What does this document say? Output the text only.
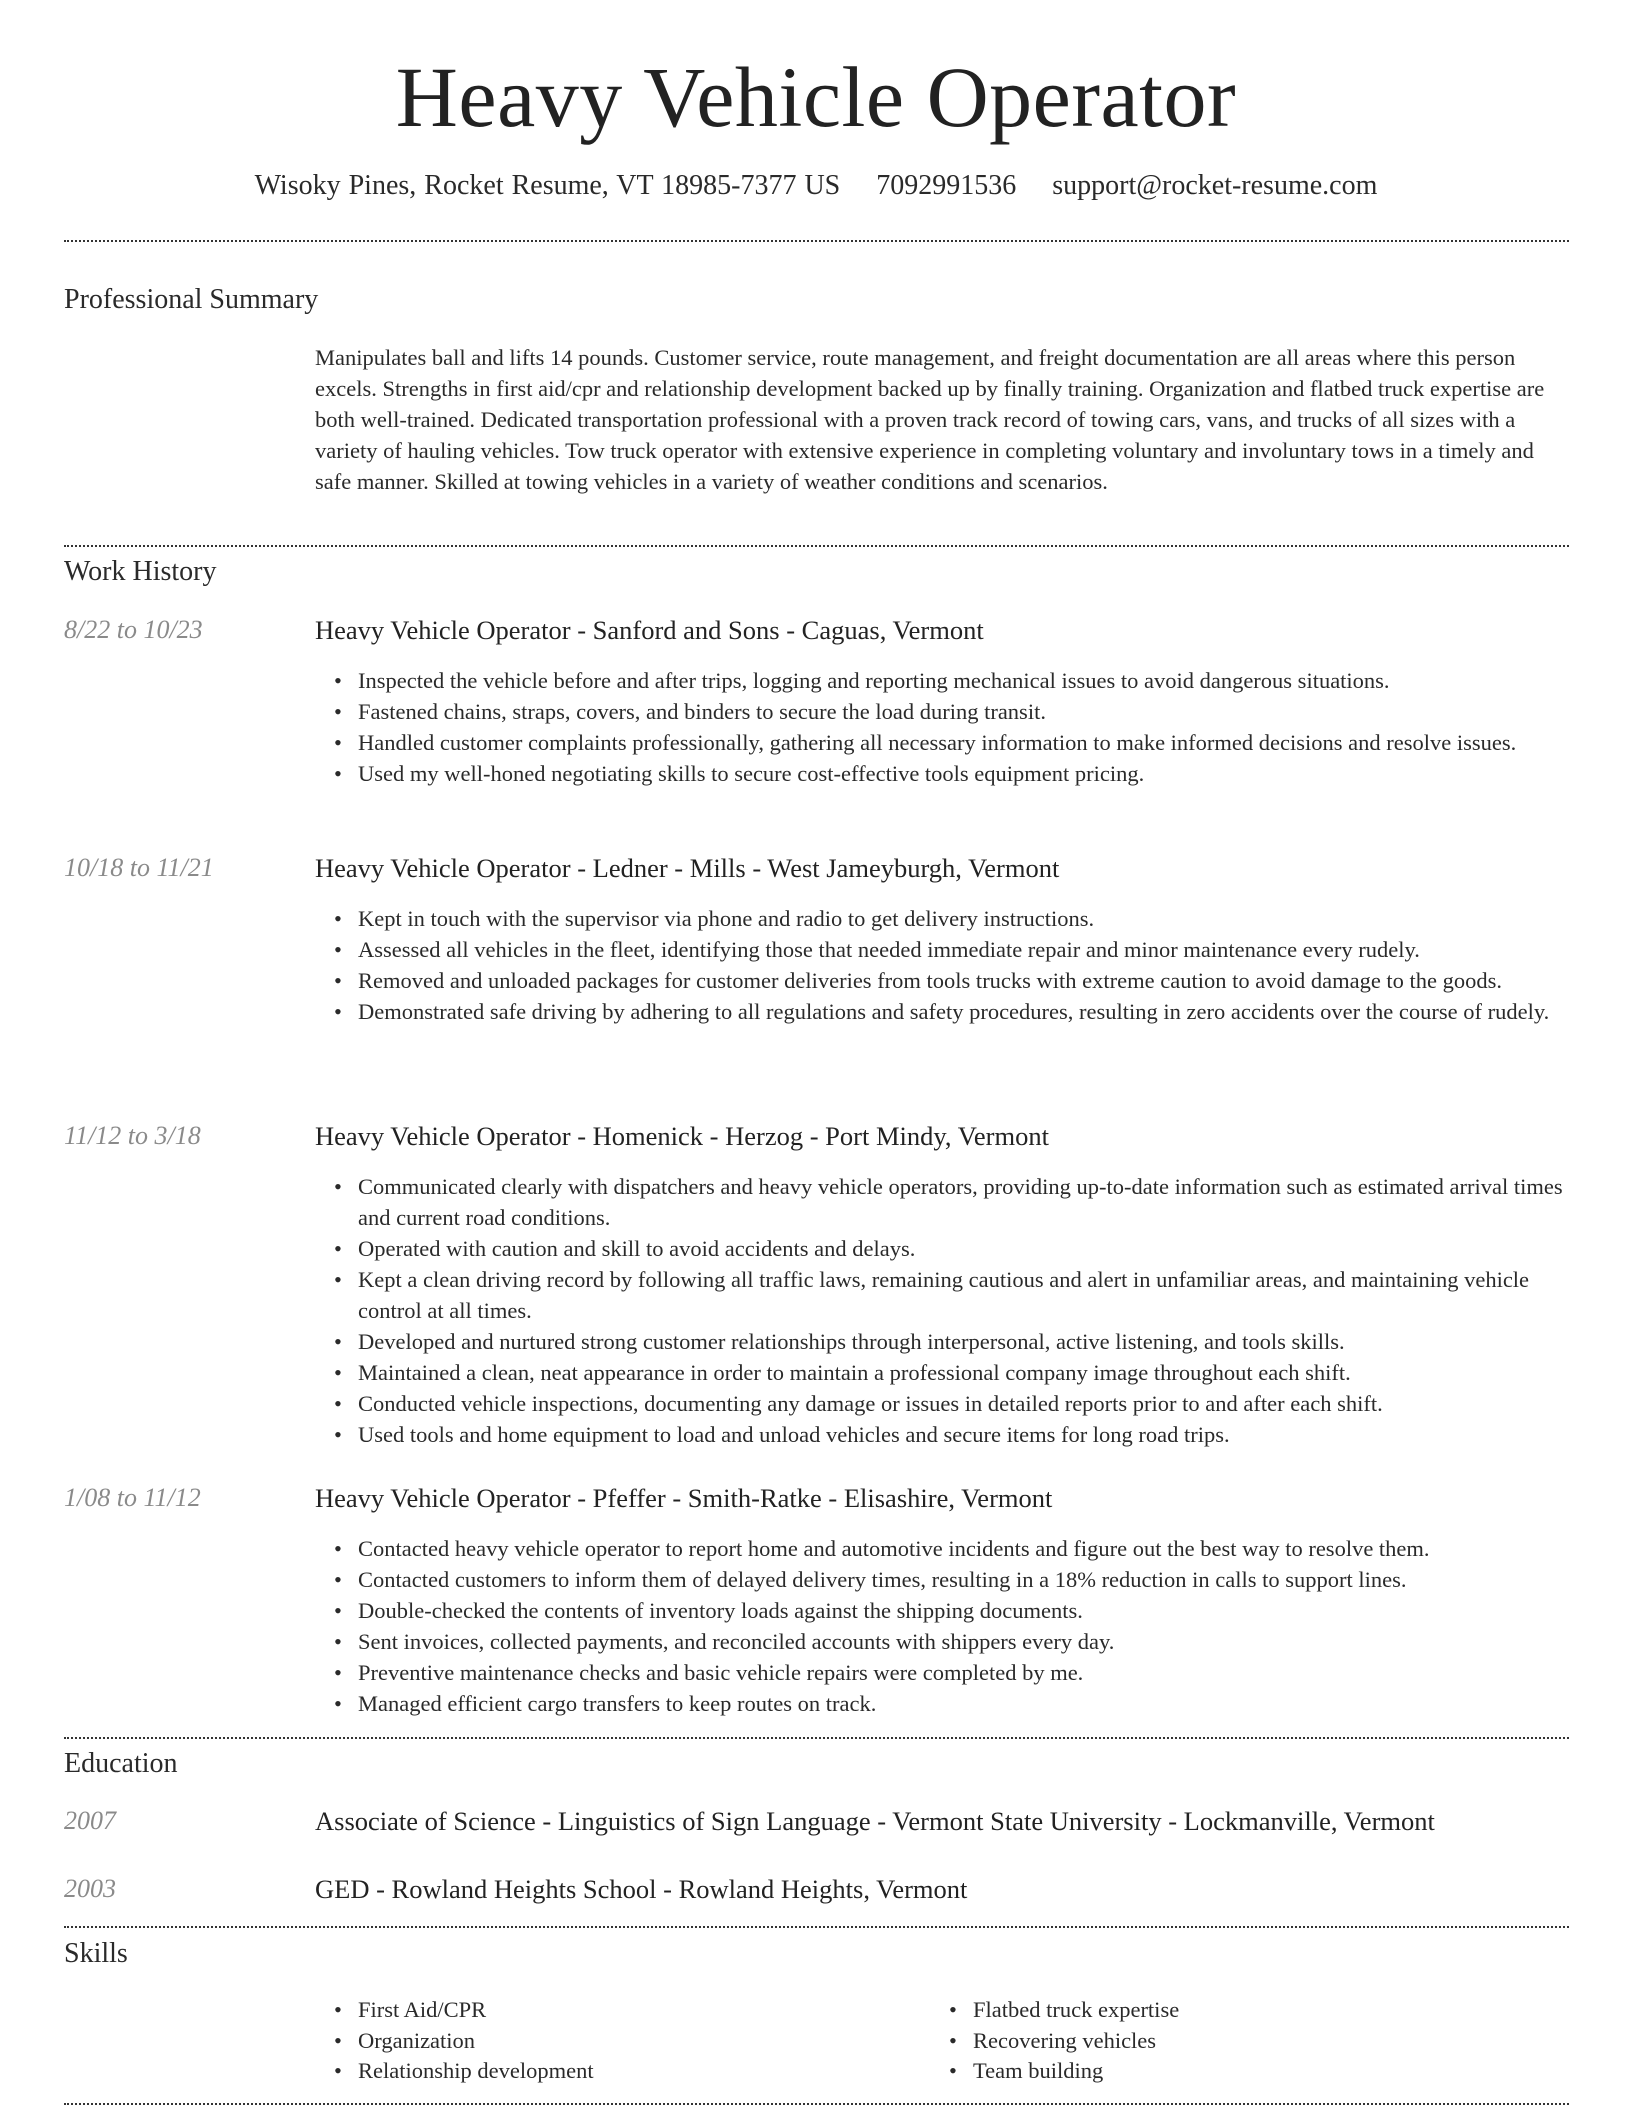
Heavy Vehicle Operator
Wisoky Pines, Rocket Resume, VT 18985-7377 US 7092991536 support@rocket-resume.com
Professional Summary
Manipulates ball and lifts 14 pounds. Customer service, route management, and freight documentation are all areas where this person excels. Strengths in first aid/cpr and relationship development backed up by finally training. Organization and flatbed truck expertise are both well-trained. Dedicated transportation professional with a proven track record of towing cars, vans, and trucks of all sizes with a variety of hauling vehicles. Tow truck operator with extensive experience in completing voluntary and involuntary tows in a timely and safe manner. Skilled at towing vehicles in a variety of weather conditions and scenarios.
Work History
8/22 to 10/23	Heavy Vehicle Operator - Sanford and Sons - Caguas, Vermont
• Inspected the vehicle before and after trips, logging and reporting mechanical issues to avoid dangerous situations.
• Fastened chains, straps, covers, and binders to secure the load during transit.
• Handled customer complaints professionally, gathering all necessary information to make informed decisions and resolve issues.
• Used my well-honed negotiating skills to secure cost-effective tools equipment pricing.
10/18 to 11/21	Heavy Vehicle Operator - Ledner - Mills - West Jameyburgh, Vermont
• Kept in touch with the supervisor via phone and radio to get delivery instructions.
• Assessed all vehicles in the fleet, identifying those that needed immediate repair and minor maintenance every rudely.
• Removed and unloaded packages for customer deliveries from tools trucks with extreme caution to avoid damage to the goods.
• Demonstrated safe driving by adhering to all regulations and safety procedures, resulting in zero accidents over the course of rudely.
11/12 to 3/18	Heavy Vehicle Operator - Homenick - Herzog - Port Mindy, Vermont
• Communicated clearly with dispatchers and heavy vehicle operators, providing up-to-date information such as estimated arrival times and current road conditions.
• Operated with caution and skill to avoid accidents and delays.
• Kept a clean driving record by following all traffic laws, remaining cautious and alert in unfamiliar areas, and maintaining vehicle control at all times.
• Developed and nurtured strong customer relationships through interpersonal, active listening, and tools skills.
• Maintained a clean, neat appearance in order to maintain a professional company image throughout each shift.
• Conducted vehicle inspections, documenting any damage or issues in detailed reports prior to and after each shift.
• Used tools and home equipment to load and unload vehicles and secure items for long road trips.
1/08 to 11/12	Heavy Vehicle Operator - Pfeffer - Smith-Ratke - Elisashire, Vermont
• Contacted heavy vehicle operator to report home and automotive incidents and figure out the best way to resolve them.
• Contacted customers to inform them of delayed delivery times, resulting in a 18% reduction in calls to support lines.
• Double-checked the contents of inventory loads against the shipping documents.
• Sent invoices, collected payments, and reconciled accounts with shippers every day.
• Preventive maintenance checks and basic vehicle repairs were completed by me.
• Managed efficient cargo transfers to keep routes on track.
Education
2007	Associate of Science - Linguistics of Sign Language - Vermont State University - Lockmanville, Vermont
2003	GED - Rowland Heights School - Rowland Heights, Vermont
Skills
• First Aid/CPR
• Organization
• Relationship development
• Flatbed truck expertise
• Recovering vehicles
• Team building
